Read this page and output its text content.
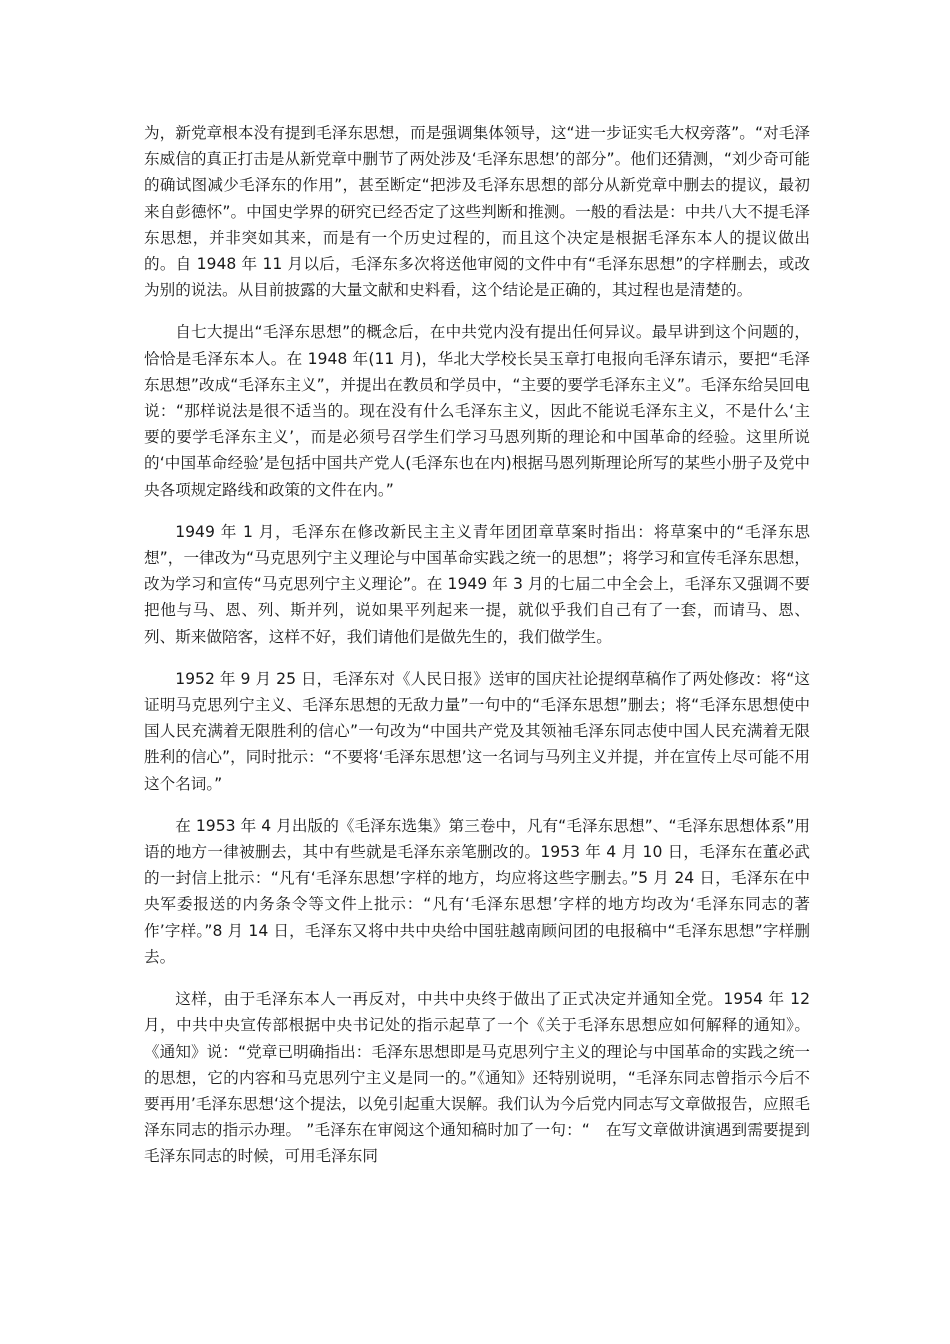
为，新党章根本没有提到毛泽东思想，而是强调集体领导，这“进一步证实毛大权旁落”。“对毛泽东威信的真正打击是从新党章中删节了两处涉及‘毛泽东思想’的部分”。他们还猜测，“刘少奇可能的确试图减少毛泽东的作用”，甚至断定“把涉及毛泽东思想的部分从新党章中删去的提议，最初来自彭德怀”。中国史学界的研究已经否定了这些判断和推测。一般的看法是：中共八大不提毛泽东思想，并非突如其来，而是有一个历史过程的，而且这个决定是根据毛泽东本人的提议做出的。自 1948 年 11 月以后，毛泽东多次将送他审阅的文件中有“毛泽东思想”的字样删去，或改为别的说法。从目前披露的大量文献和史料看，这个结论是正确的，其过程也是清楚的。

自七大提出“毛泽东思想”的概念后，在中共党内没有提出任何异议。最早讲到这个问题的，恰恰是毛泽东本人。在 1948 年(11 月)，华北大学校长吴玉章打电报向毛泽东请示，要把“毛泽东思想”改成“毛泽东主义”，并提出在教员和学员中，“主要的要学毛泽东主义”。毛泽东给吴回电说：“那样说法是很不适当的。现在没有什么毛泽东主义，因此不能说毛泽东主义，不是什么‘主要的要学毛泽东主义’，而是必须号召学生们学习马恩列斯的理论和中国革命的经验。这里所说的‘中国革命经验’是包括中国共产党人(毛泽东也在内)根据马恩列斯理论所写的某些小册子及党中央各项规定路线和政策的文件在内。”

1949 年 1 月，毛泽东在修改新民主主义青年团团章草案时指出：将草案中的“毛泽东思想”，一律改为“马克思列宁主义理论与中国革命实践之统一的思想”；将学习和宣传毛泽东思想，改为学习和宣传“马克思列宁主义理论”。在 1949 年 3 月的七届二中全会上，毛泽东又强调不要把他与马、恩、列、斯并列，说如果平列起来一提，就似乎我们自己有了一套，而请马、恩、列、斯来做陪客，这样不好，我们请他们是做先生的，我们做学生。

1952 年 9 月 25 日，毛泽东对《人民日报》送审的国庆社论提纲草稿作了两处修改：将“这证明马克思列宁主义、毛泽东思想的无敌力量”一句中的“毛泽东思想”删去；将“毛泽东思想使中国人民充满着无限胜利的信心”一句改为“中国共产党及其领袖毛泽东同志使中国人民充满着无限胜利的信心”，同时批示：“不要将‘毛泽东思想’这一名词与马列主义并提，并在宣传上尽可能不用这个名词。”

在 1953 年 4 月出版的《毛泽东选集》第三卷中，凡有“毛泽东思想”、“毛泽东思想体系”用语的地方一律被删去，其中有些就是毛泽东亲笔删改的。1953 年 4 月 10 日，毛泽东在董必武的一封信上批示：“凡有‘毛泽东思想’字样的地方，均应将这些字删去。”5 月 24 日，毛泽东在中央军委报送的内务条令等文件上批示：“凡有‘毛泽东思想’字样的地方均改为‘毛泽东同志的著作’字样。”8 月 14 日，毛泽东又将中共中央给中国驻越南顾问团的电报稿中“毛泽东思想”字样删去。

这样，由于毛泽东本人一再反对，中共中央终于做出了正式决定并通知全党。1954 年 12 月，中共中央宣传部根据中央书记处的指示起草了一个《关于毛泽东思想应如何解释的通知》。《通知》说：“党章已明确指出：毛泽东思想即是马克思列宁主义的理论与中国革命的实践之统一的思想，它的内容和马克思列宁主义是同一的。”《通知》还特别说明，“毛泽东同志曾指示今后不要再用’毛泽东思想‘这个提法，以免引起重大误解。我们认为今后党内同志写文章做报告，应照毛泽东同志的指示办理。 ”毛泽东在审阅这个通知稿时加了一句：“　在写文章做讲演遇到需要提到毛泽东同志的时候，可用毛泽东同
